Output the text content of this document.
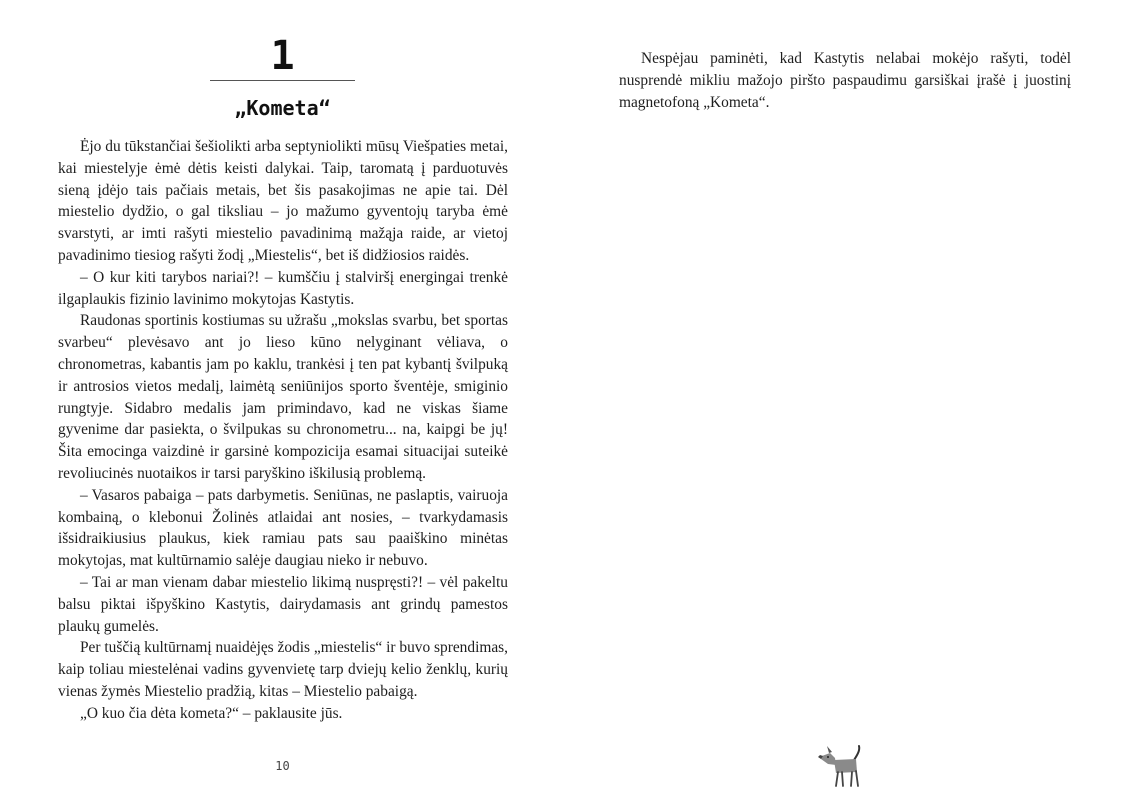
1
„Kometa“

Ėjo du tūkstančiai šešiolikti arba septyniolikti mūsų Viešpaties metai, kai miestelyje ėmė dėtis keisti dalykai. Taip, taromatą į parduotuvės sieną įdėjo tais pačiais metais, bet šis pasakojimas ne apie tai. Dėl miestelio dydžio, o gal tiksliau – jo mažumo gyventojų taryba ėmė svarstyti, ar imti rašyti miestelio pavadinimą mažąja raide, ar vietoj pavadinimo tiesiog rašyti žodį „Miestelis“, bet iš didžiosios raidės.

– O kur kiti tarybos nariai?! – kumščiu į stalviršį energingai trenkė ilgaplaukis fizinio lavinimo mokytojas Kastytis.

Raudonas sportinis kostiumas su užrašu „mokslas svarbu, bet sportas svarbeu“ plevėsavo ant jo lieso kūno nelyginant vėliava, o chronometras, kabantis jam po kaklu, trankėsi į ten pat kybantį švilpuką ir antrosios vietos medalį, laimėtą seniūnijos sporto šventėje, smiginio rungtyje. Sidabro medalis jam primindavo, kad ne viskas šiame gyvenime dar pasiekta, o švilpukas su chronometru... na, kaipgi be jų! Šita emocinga vaizdinė ir garsinė kompozicija esamai situacijai suteikė revoliucinės nuotaikos ir tarsi paryškino iškilusią problemą.

– Vasaros pabaiga – pats darbymetis. Seniūnas, ne paslaptis, vairuoja kombainą, o klebonui Žolinės atlaidai ant nosies, – tvarkydamasis išsidraikiusius plaukus, kiek ramiau pats sau paaiškino minėtas mokytojas, mat kultūrnamio salėje daugiau nieko ir nebuvo.

– Tai ar man vienam dabar miestelio likimą nuspręsti?! – vėl pakeltu balsu piktai išpyškino Kastytis, dairydamasis ant grindų pamestos plaukų gumelės.

Per tuščią kultūrnamį nuaidėjęs žodis „miestelis“ ir buvo sprendimas, kaip toliau miestelėnai vadins gyvenvietę tarp dviejų kelio ženklų, kurių vienas žymės Miestelio pradžią, kitas – Miestelio pabaigą.

„O kuo čia dėta kometa?“ – paklausite jūs.

10

Nespėjau paminėti, kad Kastytis nelabai mokėjo rašyti, todėl nusprendė mikliu mažojo piršto paspaudimu garsiškai įrašė į juostinį magnetofoną „Kometa“.
